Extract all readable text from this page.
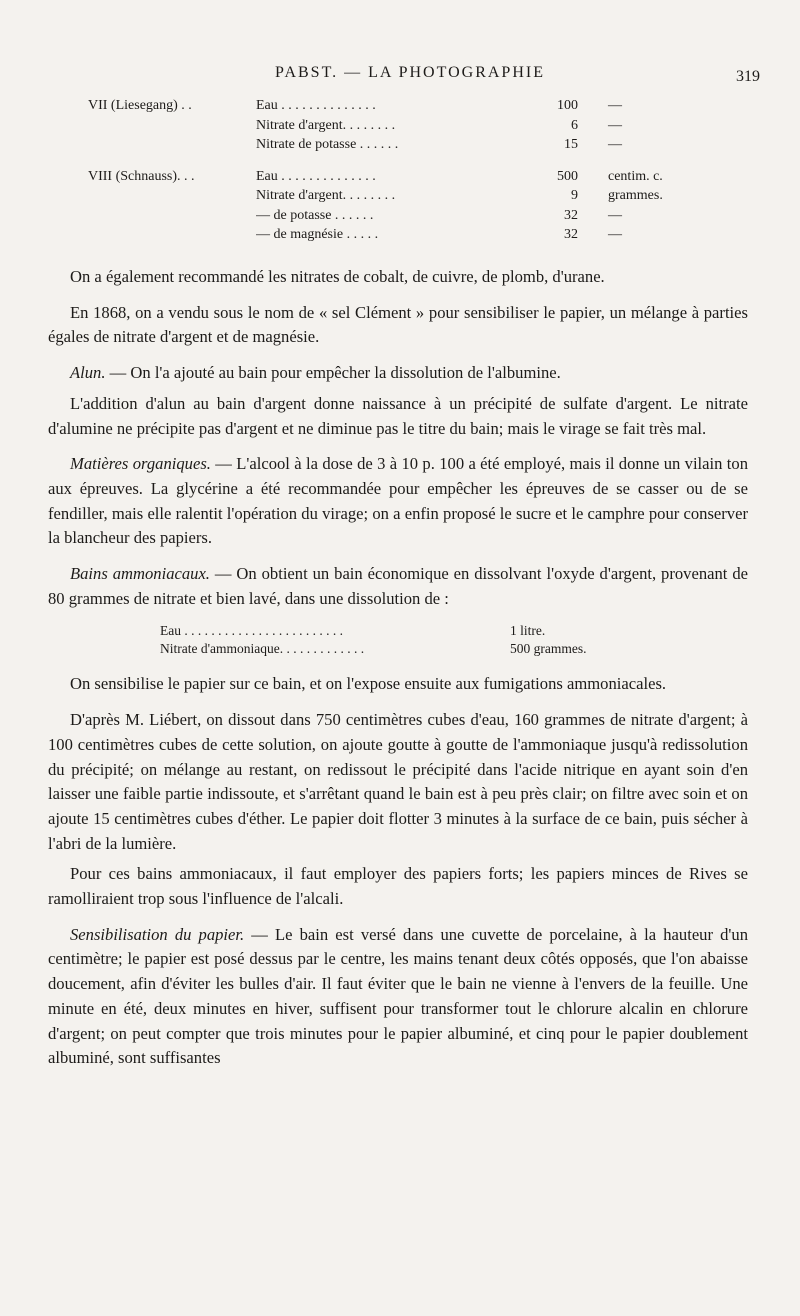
PABST. — LA PHOTOGRAPHIE	319
VII (Liesegang) . .	Eau . . . . . . . . . . . . . .	100 —
Nitrate d'argent. . . . . . . .	6 —
Nitrate de potasse . . . . . .	15 —
VIII (Schnauss). . .	Eau . . . . . . . . . . . . . .	500 centim. c.
Nitrate d'argent. . . . . . . .	9 grammes.
— de potasse . . . . . .	32 —
— de magnésie . . . . .	32 —

On a également recommandé les nitrates de cobalt, de cuivre, de plomb, d'urane.

En 1868, on a vendu sous le nom de « sel Clément » pour sensibiliser le papier, un mélange à parties égales de nitrate d'argent et de magnésie.

Alun. — On l'a ajouté au bain pour empêcher la dissolution de l'albumine.

L'addition d'alun au bain d'argent donne naissance à un précipité de sulfate d'argent. Le nitrate d'alumine ne précipite pas d'argent et ne diminue pas le titre du bain; mais le virage se fait très mal.

Matières organiques. — L'alcool à la dose de 3 à 10 p. 100 a été employé, mais il donne un vilain ton aux épreuves. La glycérine a été recommandée pour empêcher les épreuves de se casser ou de se fendiller, mais elle ralentit l'opération du virage; on a enfin proposé le sucre et le camphre pour conserver la blancheur des papiers.

Bains ammoniacaux. — On obtient un bain économique en dissolvant l'oxyde d'argent, provenant de 80 grammes de nitrate et bien lavé, dans une dissolution de :

Eau . . . . . . . . . . . . . . . . . . . . . . . .	1 litre.
Nitrate d'ammoniaque. . . . . . . . . . . . .	500 grammes.

On sensibilise le papier sur ce bain, et on l'expose ensuite aux fumigations ammoniacales.

D'après M. Liébert, on dissout dans 750 centimètres cubes d'eau, 160 grammes de nitrate d'argent; à 100 centimètres cubes de cette solution, on ajoute goutte à goutte de l'ammoniaque jusqu'à redissolution du précipité; on mélange au restant, on redissout le précipité dans l'acide nitrique en ayant soin d'en laisser une faible partie indissoute, et s'arrêtant quand le bain est à peu près clair; on filtre avec soin et on ajoute 15 centimètres cubes d'éther. Le papier doit flotter 3 minutes à la surface de ce bain, puis sécher à l'abri de la lumière.

Pour ces bains ammoniacaux, il faut employer des papiers forts; les papiers minces de Rives se ramolliraient trop sous l'influence de l'alcali.

Sensibilisation du papier. — Le bain est versé dans une cuvette de porcelaine, à la hauteur d'un centimètre; le papier est posé dessus par le centre, les mains tenant deux côtés opposés, que l'on abaisse doucement, afin d'éviter les bulles d'air. Il faut éviter que le bain ne vienne à l'envers de la feuille. Une minute en été, deux minutes en hiver, suffisent pour transformer tout le chlorure alcalin en chlorure d'argent; on peut compter que trois minutes pour le papier albuminé, et cinq pour le papier doublement albuminé, sont suffisantes
